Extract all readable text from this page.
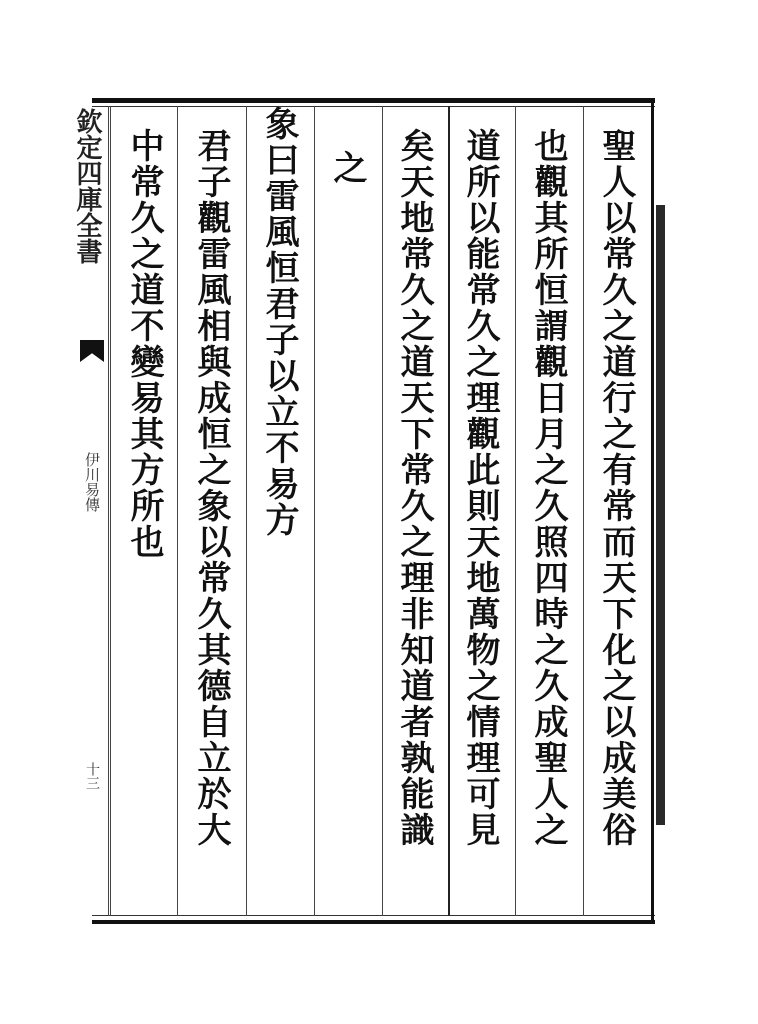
欽定四庫全書
伊川易傳
十三	聖人以常久之道行之有常而天下化之以成美俗
也觀其所恒謂觀日月之久照四時之久成聖人之
道所以能常久之理觀此則天地萬物之情理可見
矣天地常久之道天下常久之理非知道者孰能識
之
象曰雷風恒君子以立不易方
君子觀雷風相與成恒之象以常久其德自立於大
中常久之道不變易其方所也
